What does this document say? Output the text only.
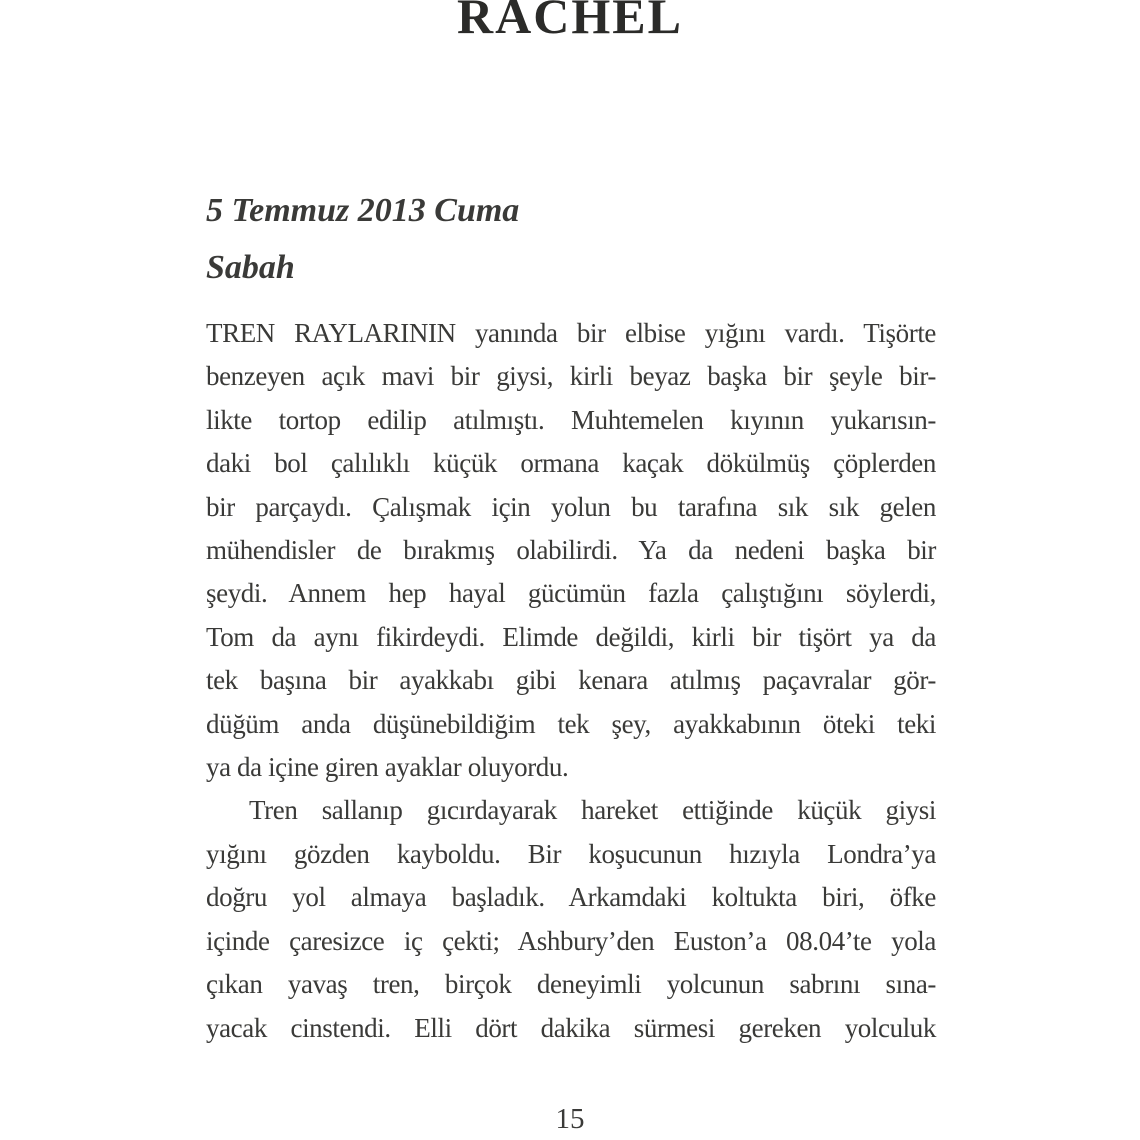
RACHEL
5 Temmuz 2013 Cuma
Sabah
TREN RAYLARININ yanında bir elbise yığını vardı. Tişörte
benzeyen açık mavi bir giysi, kirli beyaz başka bir şeyle bir-
likte tortop edilip atılmıştı. Muhtemelen kıyının yukarısın-
daki bol çalılıklı küçük ormana kaçak dökülmüş çöplerden
bir parçaydı. Çalışmak için yolun bu tarafına sık sık gelen
mühendisler de bırakmış olabilirdi. Ya da nedeni başka bir
şeydi. Annem hep hayal gücümün fazla çalıştığını söylerdi,
Tom da aynı fikirdeydi. Elimde değildi, kirli bir tişört ya da
tek başına bir ayakkabı gibi kenara atılmış paçavralar gör-
düğüm anda düşünebildiğim tek şey, ayakkabının öteki teki
ya da içine giren ayaklar oluyordu.
Tren sallanıp gıcırdayarak hareket ettiğinde küçük giysi
yığını gözden kayboldu. Bir koşucunun hızıyla Londra’ya
doğru yol almaya başladık. Arkamdaki koltukta biri, öfke
içinde çaresizce iç çekti; Ashbury’den Euston’a 08.04’te yola
çıkan yavaş tren, birçok deneyimli yolcunun sabrını sına-
yacak cinstendi. Elli dört dakika sürmesi gereken yolculuk
15
